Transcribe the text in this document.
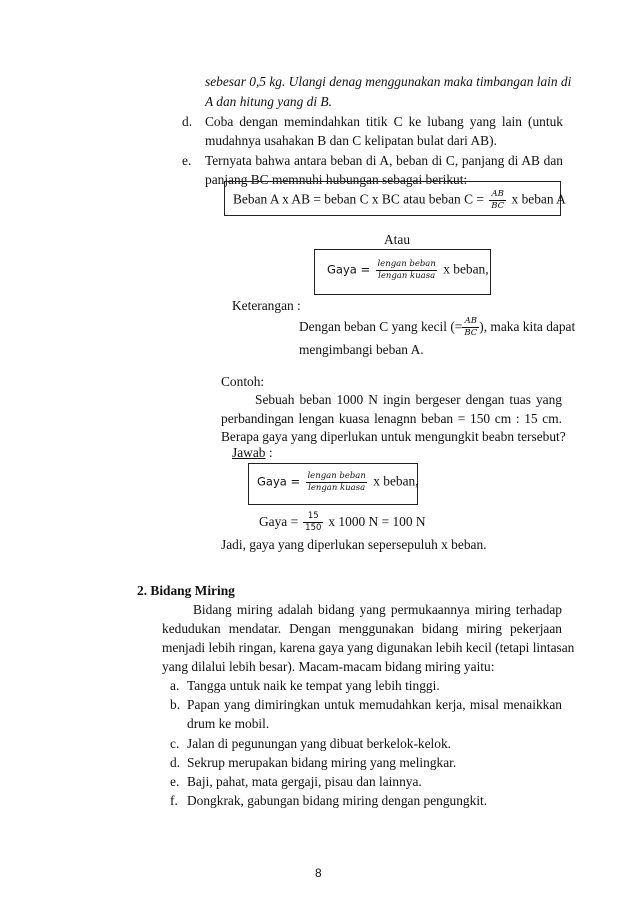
sebesar 0,5 kg. Ulangi denag menggunakan maka timbangan lain di
A dan hitung yang di B.
d. Coba dengan memindahkan titik C ke lubang yang lain (untuk
mudahnya usahakan B dan C kelipatan bulat dari AB).
e. Ternyata bahwa antara beban di A, beban di C, panjang di AB dan
panjang BC memnuhi hubungan sebagai berikut:
Beban A x AB = beban C x BC atau beban $C = \frac{AB}{BC}$ x beban A
Atau
Gaya = $\frac{\text{lengan beban}}{\text{lengan kuasa}}$ x beban,
Keterangan :
Dengan beban C yang kecil (= $\frac{AB}{BC}$ ), maka kita dapat
mengimbangi beban A.
Contoh:
Sebuah beban 1000 N ingin bergeser dengan tuas yang
perbandingan lengan kuasa lenagnn beban = 150 cm : 15 cm.
Berapa gaya yang diperlukan untuk mengungkit beabn tersebut?
Jawab :
Gaya = $\frac{\text{lengan beban}}{\text{lengan kuasa}}$ x beban,
Gaya = $\frac{15}{150}$ x 1000 N = 100 N
Jadi, gaya yang diperlukan sepersepuluh x beban.
2. Bidang Miring
Bidang miring adalah bidang yang permukaannya miring terhadap
kedudukan mendatar. Dengan menggunakan bidang miring pekerjaan
menjadi lebih ringan, karena gaya yang digunakan lebih kecil (tetapi lintasan
yang dilalui lebih besar). Macam-macam bidang miring yaitu:
a. Tangga untuk naik ke tempat yang lebih tinggi.
b. Papan yang dimiringkan untuk memudahkan kerja, misal menaikkan
drum ke mobil.
c. Jalan di pegunungan yang dibuat berkelok-kelok.
d. Sekrup merupakan bidang miring yang melingkar.
e. Baji, pahat, mata gergaji, pisau dan lainnya.
f. Dongkrak, gabungan bidang miring dengan pengungkit.
8
